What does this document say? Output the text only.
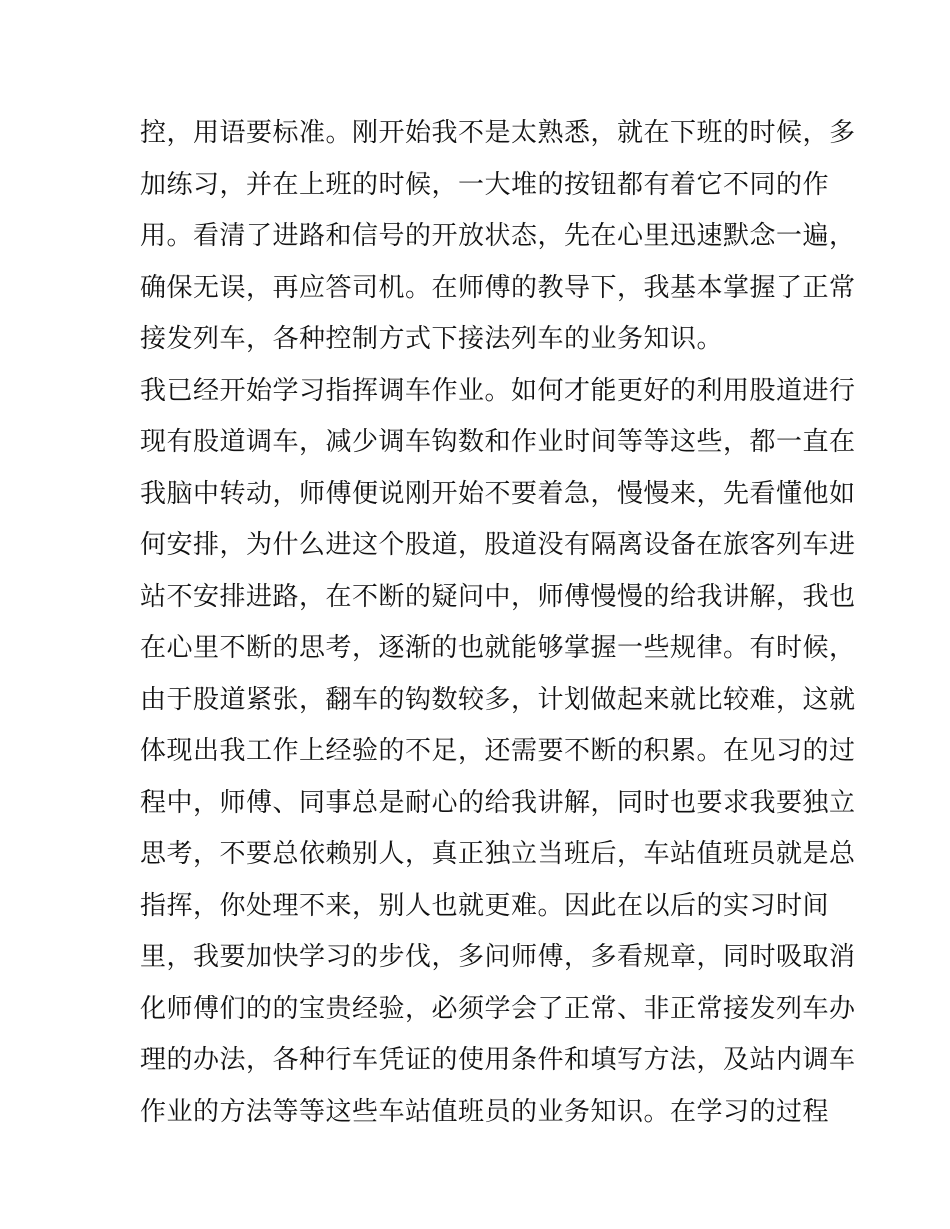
控，用语要标准。刚开始我不是太熟悉，就在下班的时候，多
加练习，并在上班的时候，一大堆的按钮都有着它不同的作
用。看清了进路和信号的开放状态，先在心里迅速默念一遍，
确保无误，再应答司机。在师傅的教导下，我基本掌握了正常
接发列车，各种控制方式下接法列车的业务知识。
我已经开始学习指挥调车作业。如何才能更好的利用股道进行
现有股道调车，减少调车钩数和作业时间等等这些，都一直在
我脑中转动，师傅便说刚开始不要着急，慢慢来，先看懂他如
何安排，为什么进这个股道，股道没有隔离设备在旅客列车进
站不安排进路，在不断的疑问中，师傅慢慢的给我讲解，我也
在心里不断的思考，逐渐的也就能够掌握一些规律。有时候，
由于股道紧张，翻车的钩数较多，计划做起来就比较难，这就
体现出我工作上经验的不足，还需要不断的积累。在见习的过
程中，师傅、同事总是耐心的给我讲解，同时也要求我要独立
思考，不要总依赖别人，真正独立当班后，车站值班员就是总
指挥，你处理不来，别人也就更难。因此在以后的实习时间
里，我要加快学习的步伐，多问师傅，多看规章，同时吸取消
化师傅们的的宝贵经验，必须学会了正常、非正常接发列车办
理的办法，各种行车凭证的使用条件和填写方法，及站内调车
作业的方法等等这些车站值班员的业务知识。在学习的过程
